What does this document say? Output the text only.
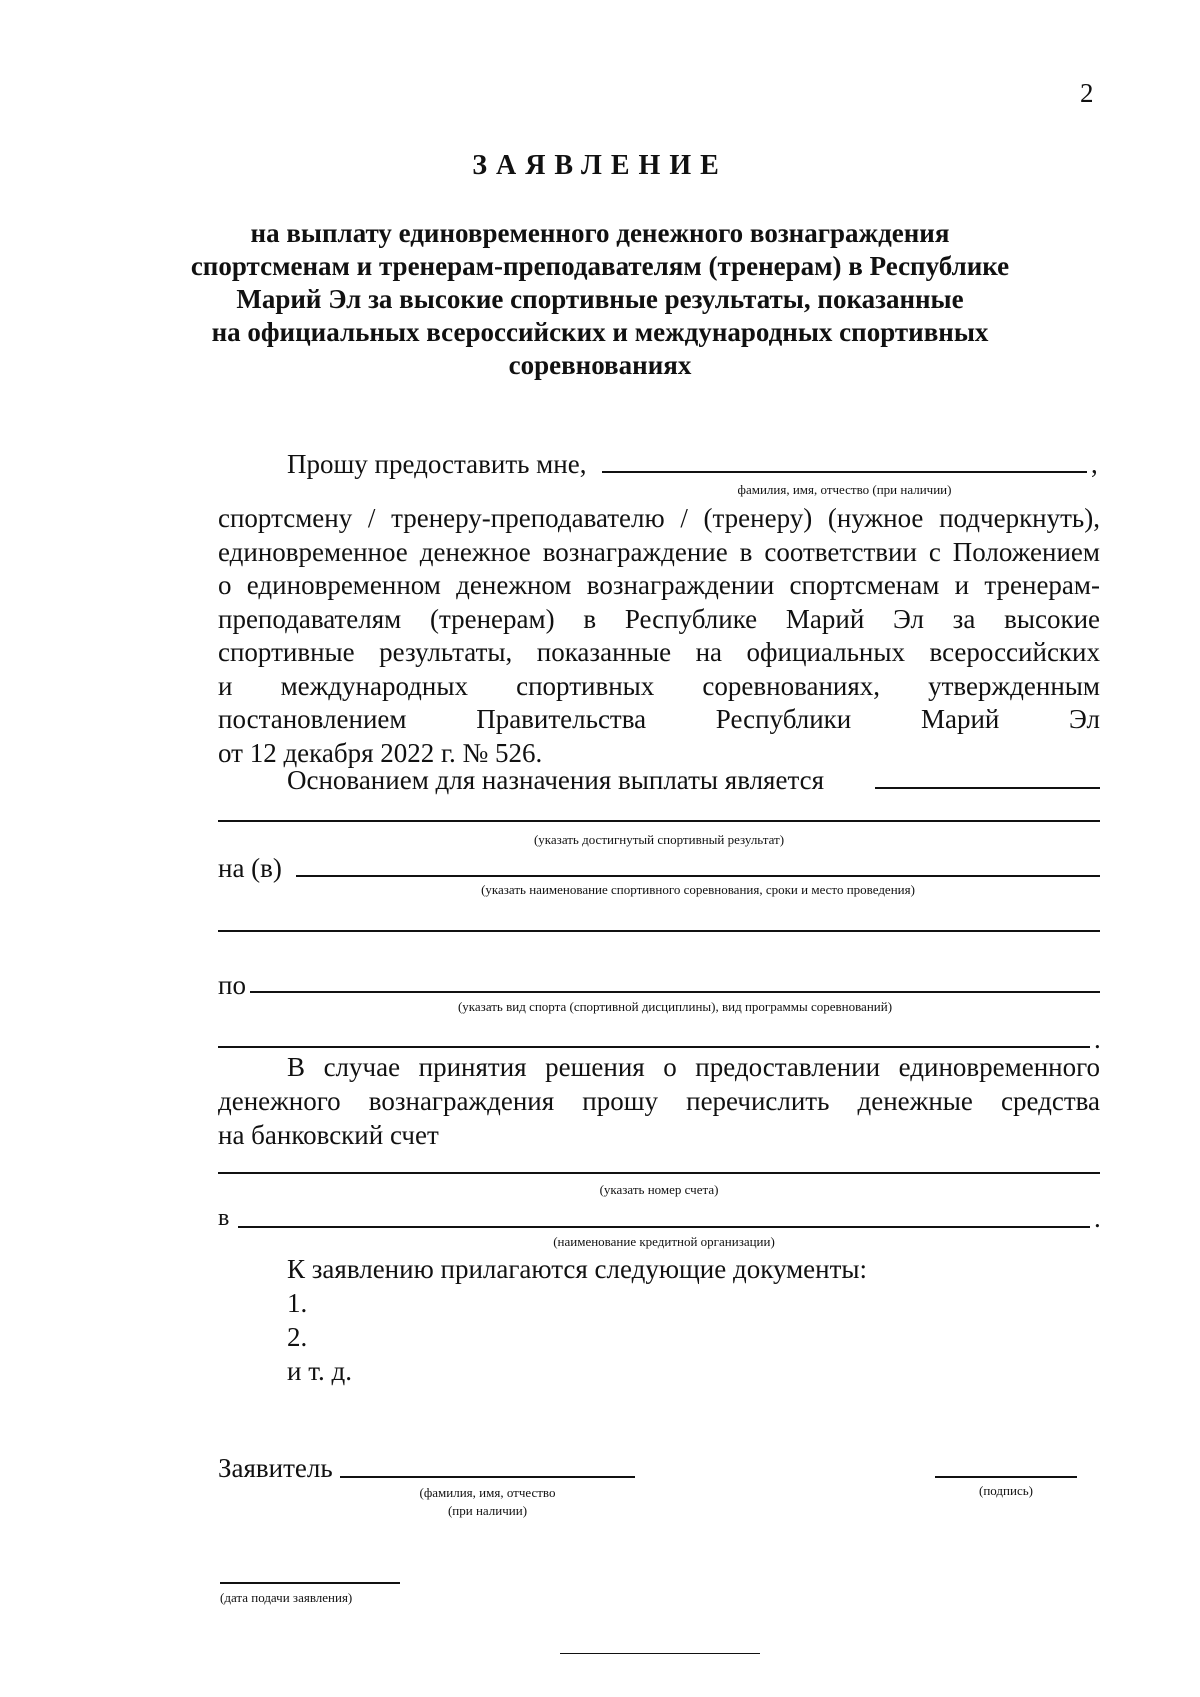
2
ЗАЯВЛЕНИЕ
на выплату единовременного денежного вознаграждения
спортсменам и тренерам-преподавателям (тренерам) в Республике
Марий Эл за высокие спортивные результаты, показанные
на официальных всероссийских и международных спортивных
соревнованиях
Прошу предоставить мне,	,
фамилия, имя, отчество (при наличии)
спортсмену / тренеру-преподавателю / (тренеру) (нужное подчеркнуть),
единовременное денежное вознаграждение в соответствии с Положением
о единовременном денежном вознаграждении спортсменам и тренерам-
преподавателям (тренерам) в Республике Марий Эл за высокие
спортивные результаты, показанные на официальных всероссийских
и международных спортивных соревнованиях, утвержденным
постановлением Правительства Республики Марий Эл
от 12 декабря 2022 г. № 526.
Основанием для назначения выплаты является
(указать достигнутый спортивный результат)
на (в)
(указать наименование спортивного соревнования, сроки и место проведения)
по
(указать вид спорта (спортивной дисциплины), вид программы соревнований)
.
В случае принятия решения о предоставлении единовременного
денежного вознаграждения прошу перечислить денежные средства
на банковский счет
(указать номер счета)
в	.
(наименование кредитной организации)
К заявлению прилагаются следующие документы:
1.
2.
и т. д.
Заявитель
(фамилия, имя, отчество
(при наличии)
(подпись)
(дата подачи заявления)
